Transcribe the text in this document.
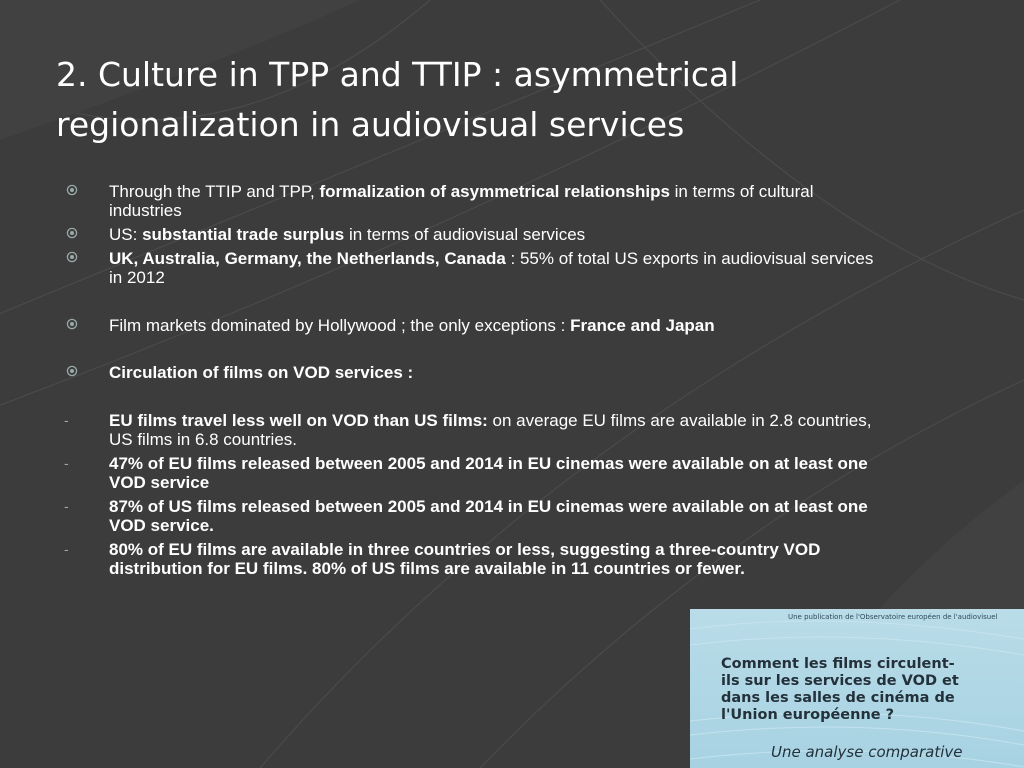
2. Culture in TPP and TTIP : asymmetrical
regionalization in audiovisual services
Through the TTIP and TPP, formalization of asymmetrical relationships in terms of cultural industries
US: substantial trade surplus in terms of audiovisual services
UK, Australia, Germany, the Netherlands, Canada : 55% of total US exports in audiovisual services in 2012
Film markets dominated by Hollywood ; the only exceptions : France and Japan
Circulation of films on VOD services :
- EU films travel less well on VOD than US films: on average EU films are available in 2.8 countries, US films in 6.8 countries.
- 47% of EU films released between 2005 and 2014 in EU cinemas were available on at least one VOD service
- 87% of US films released between 2005 and 2014 in EU cinemas were available on at least one VOD service.
- 80% of EU films are available in three countries or less, suggesting a three-country VOD distribution for EU films. 80% of US films are available in 11 countries or fewer.
Une publication de l'Observatoire européen de l'audiovisuel
Comment les films circulent-
ils sur les services de VOD et
dans les salles de cinéma de
l'Union européenne ?
Une analyse comparative
